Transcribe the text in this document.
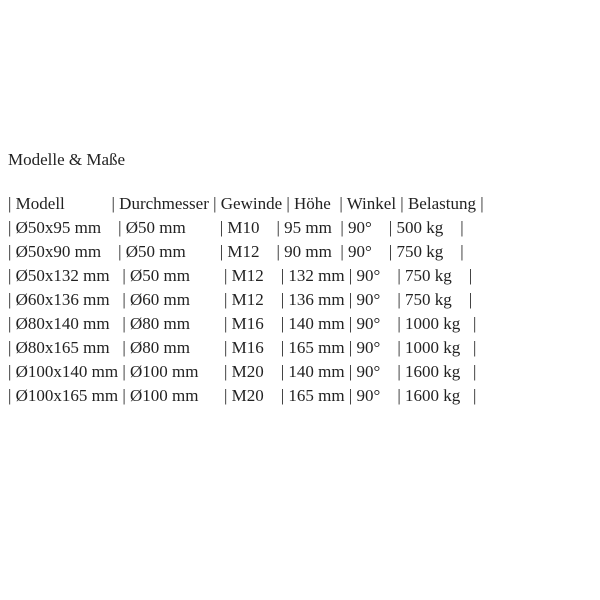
Modelle & Maße
| Modell           | Durchmesser | Gewinde | Höhe  | Winkel | Belastung |
| Ø50x95 mm    | Ø50 mm        | M10    | 95 mm  | 90°    | 500 kg    |
| Ø50x90 mm    | Ø50 mm        | M12    | 90 mm  | 90°    | 750 kg    |
| Ø50x132 mm   | Ø50 mm        | M12    | 132 mm | 90°    | 750 kg    |
| Ø60x136 mm   | Ø60 mm        | M12    | 136 mm | 90°    | 750 kg    |
| Ø80x140 mm   | Ø80 mm        | M16    | 140 mm | 90°    | 1000 kg   |
| Ø80x165 mm   | Ø80 mm        | M16    | 165 mm | 90°    | 1000 kg   |
| Ø100x140 mm | Ø100 mm      | M20    | 140 mm | 90°    | 1600 kg   |
| Ø100x165 mm | Ø100 mm      | M20    | 165 mm | 90°    | 1600 kg   |
